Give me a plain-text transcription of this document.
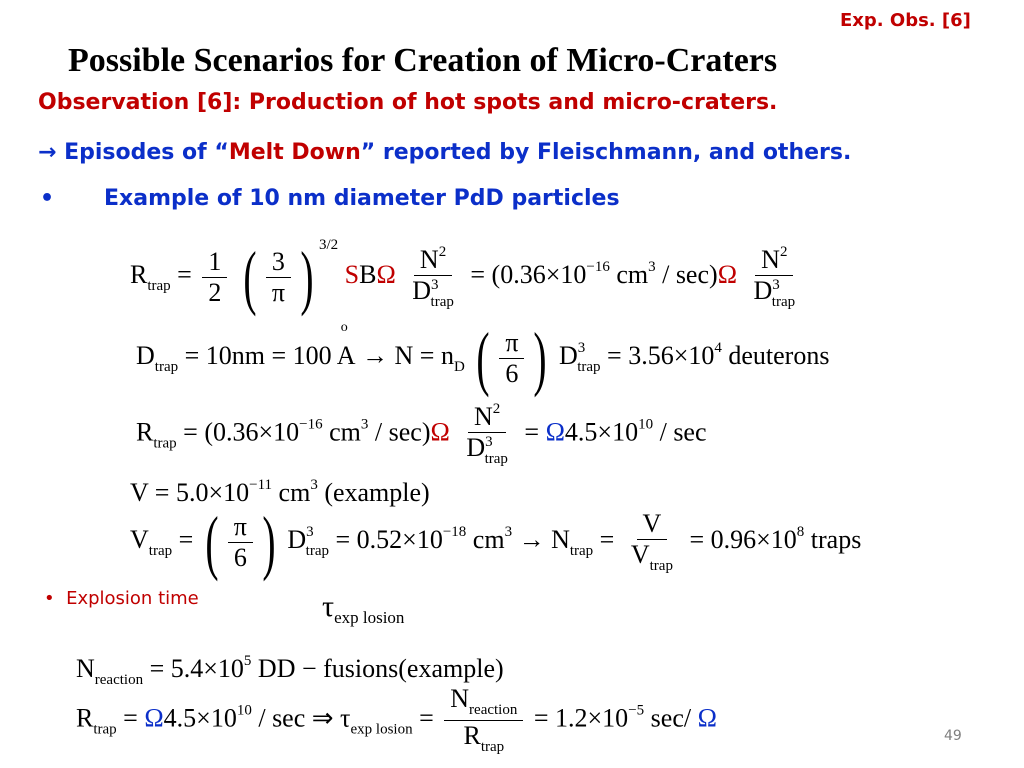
Exp. Obs. [6]
Possible Scenarios for Creation of Micro-Craters
Observation [6]: Production of hot spots and micro-craters.
→ Episodes of “Melt Down” reported by Fleischmann, and others.
• Example of 10 nm diameter PdD particles
$R_{trap} = \frac{1}{2}$
( $\frac{3}{\pi}$ ) $^{3/2}$ SBΩ $\frac{N^2}{D^3_{trap}} = (0.36\times 10^{-16}$ $cm^3 / \sec)\Omega \frac{N^2}{D^3_{trap}}$
$D_{trap} = 10nm = 100$ A
o
→ $N = n_D$ ( $\frac{\pi}{6}$ ) $D^3_{trap} = 3.56\times 10^4$ deuterons
$R_{trap} = (0.36\times 10^{-16}$ $cm^3 / \sec)\Omega \frac{N^2}{D^3_{trap}} = \Omega 4.5\times 10^{10} / \sec$
$V = 5.0\times 10^{-11}$ $cm^3$ (example)
$V_{trap}$ = ( $\frac{\pi}{6}$ ) $D^3_{trap} = 0.52\times 10^{-18}$ $cm^3 \to N_{trap} = \frac{V}{V_{trap}} = 0.96\times 10^8$ traps
• Explosion time	$\tau_{exp losion}$
$N_{reaction} = 5.4\times 10^5$ DD − fusions(example)
$R_{trap} = \Omega 4.5\times 10^{10} / \sec$ ⇒ $\tau_{exp losion} = \frac{N_{reaction}}{R_{trap}} = 1.2\times 10^{-5}$ sec/ Ω
49
